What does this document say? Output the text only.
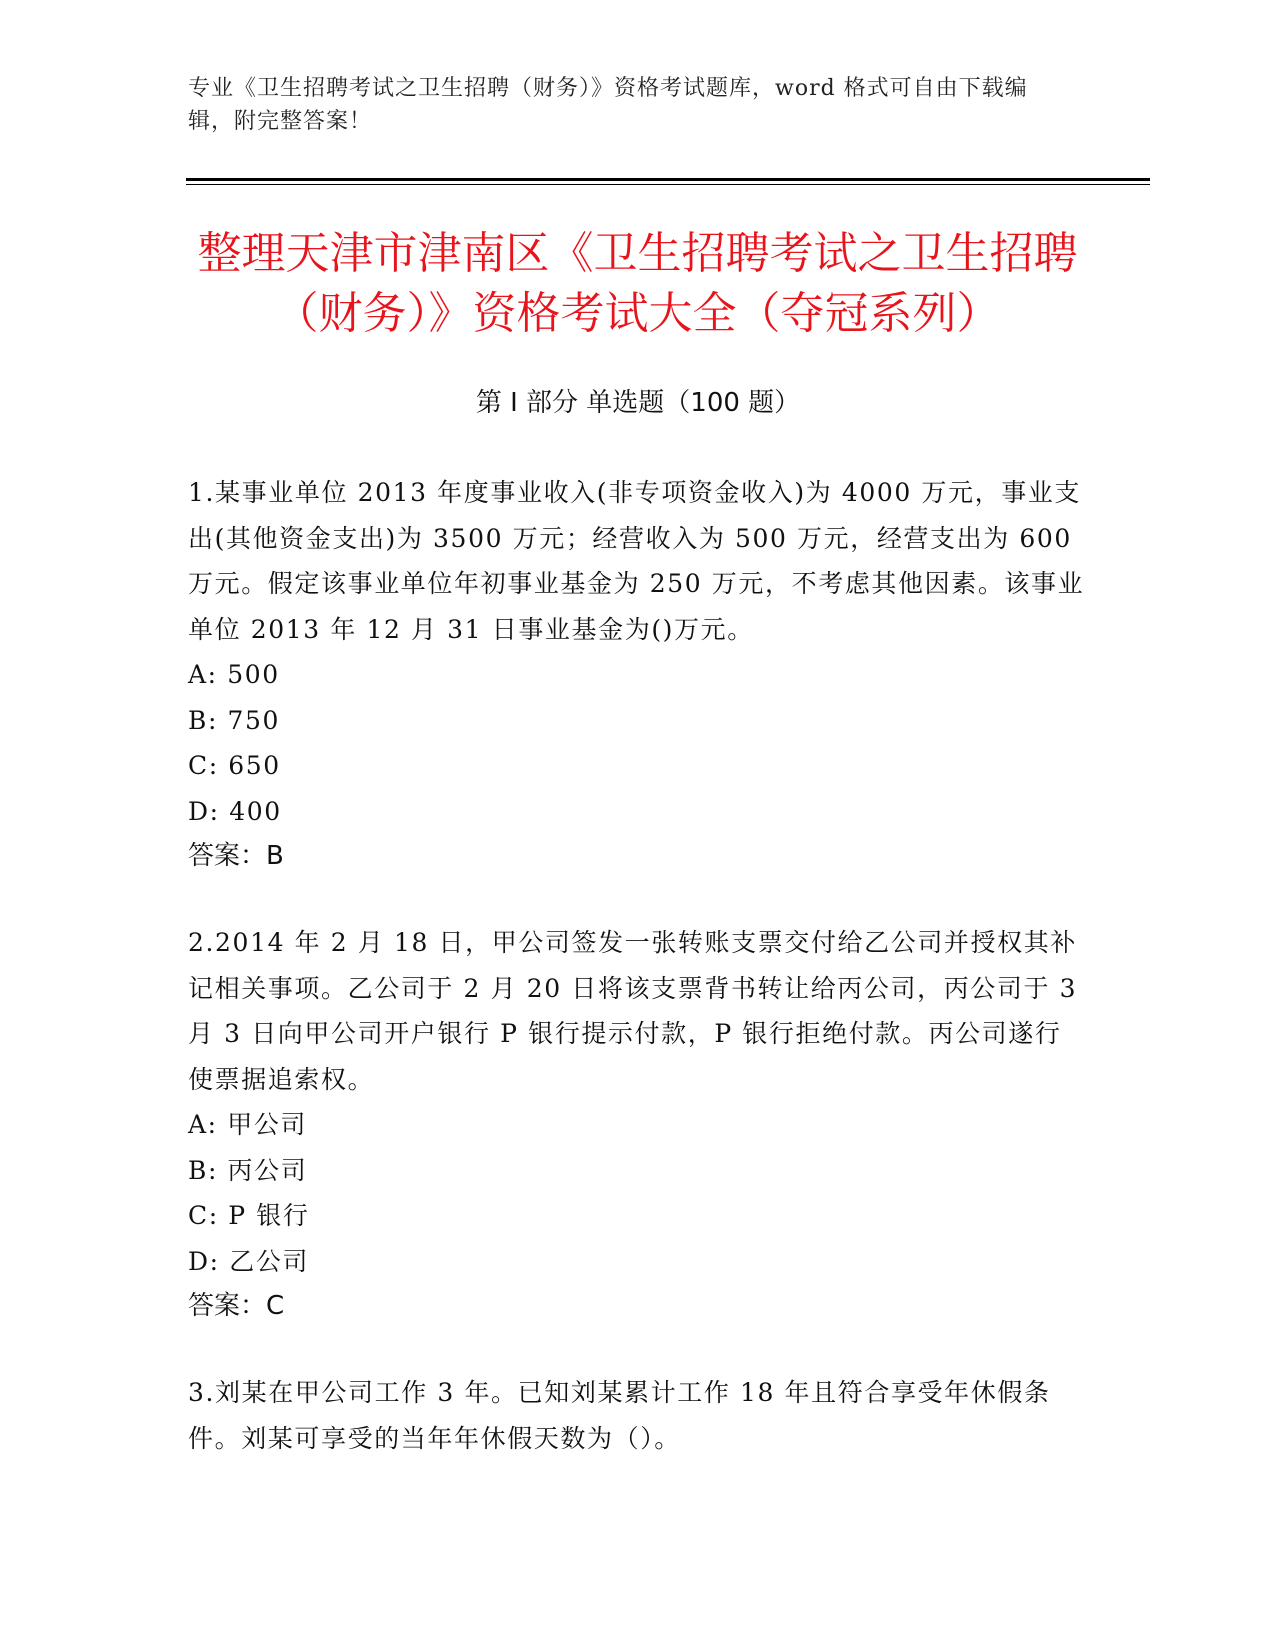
专业《卫生招聘考试之卫生招聘（财务）》资格考试题库，word 格式可自由下载编辑，附完整答案！
整理天津市津南区《卫生招聘考试之卫生招聘（财务）》资格考试大全（夺冠系列）
第 I 部分 单选题（100 题）

1.某事业单位 2013 年度事业收入(非专项资金收入)为 4000 万元，事业支出(其他资金支出)为 3500 万元；经营收入为 500 万元，经营支出为 600 万元。假定该事业单位年初事业基金为 250 万元，不考虑其他因素。该事业单位 2013 年 12 月 31 日事业基金为()万元。

A: 500

B: 750

C: 650

D: 400

答案：B

2.2014 年 2 月 18 日，甲公司签发一张转账支票交付给乙公司并授权其补记相关事项。乙公司于 2 月 20 日将该支票背书转让给丙公司，丙公司于 3 月 3 日向甲公司开户银行 P 银行提示付款，P 银行拒绝付款。丙公司遂行使票据追索权。

A: 甲公司

B: 丙公司

C: P 银行

D: 乙公司

答案：C

3.刘某在甲公司工作 3 年。已知刘某累计工作 18 年且符合享受年休假条件。刘某可享受的当年年休假天数为（）。
